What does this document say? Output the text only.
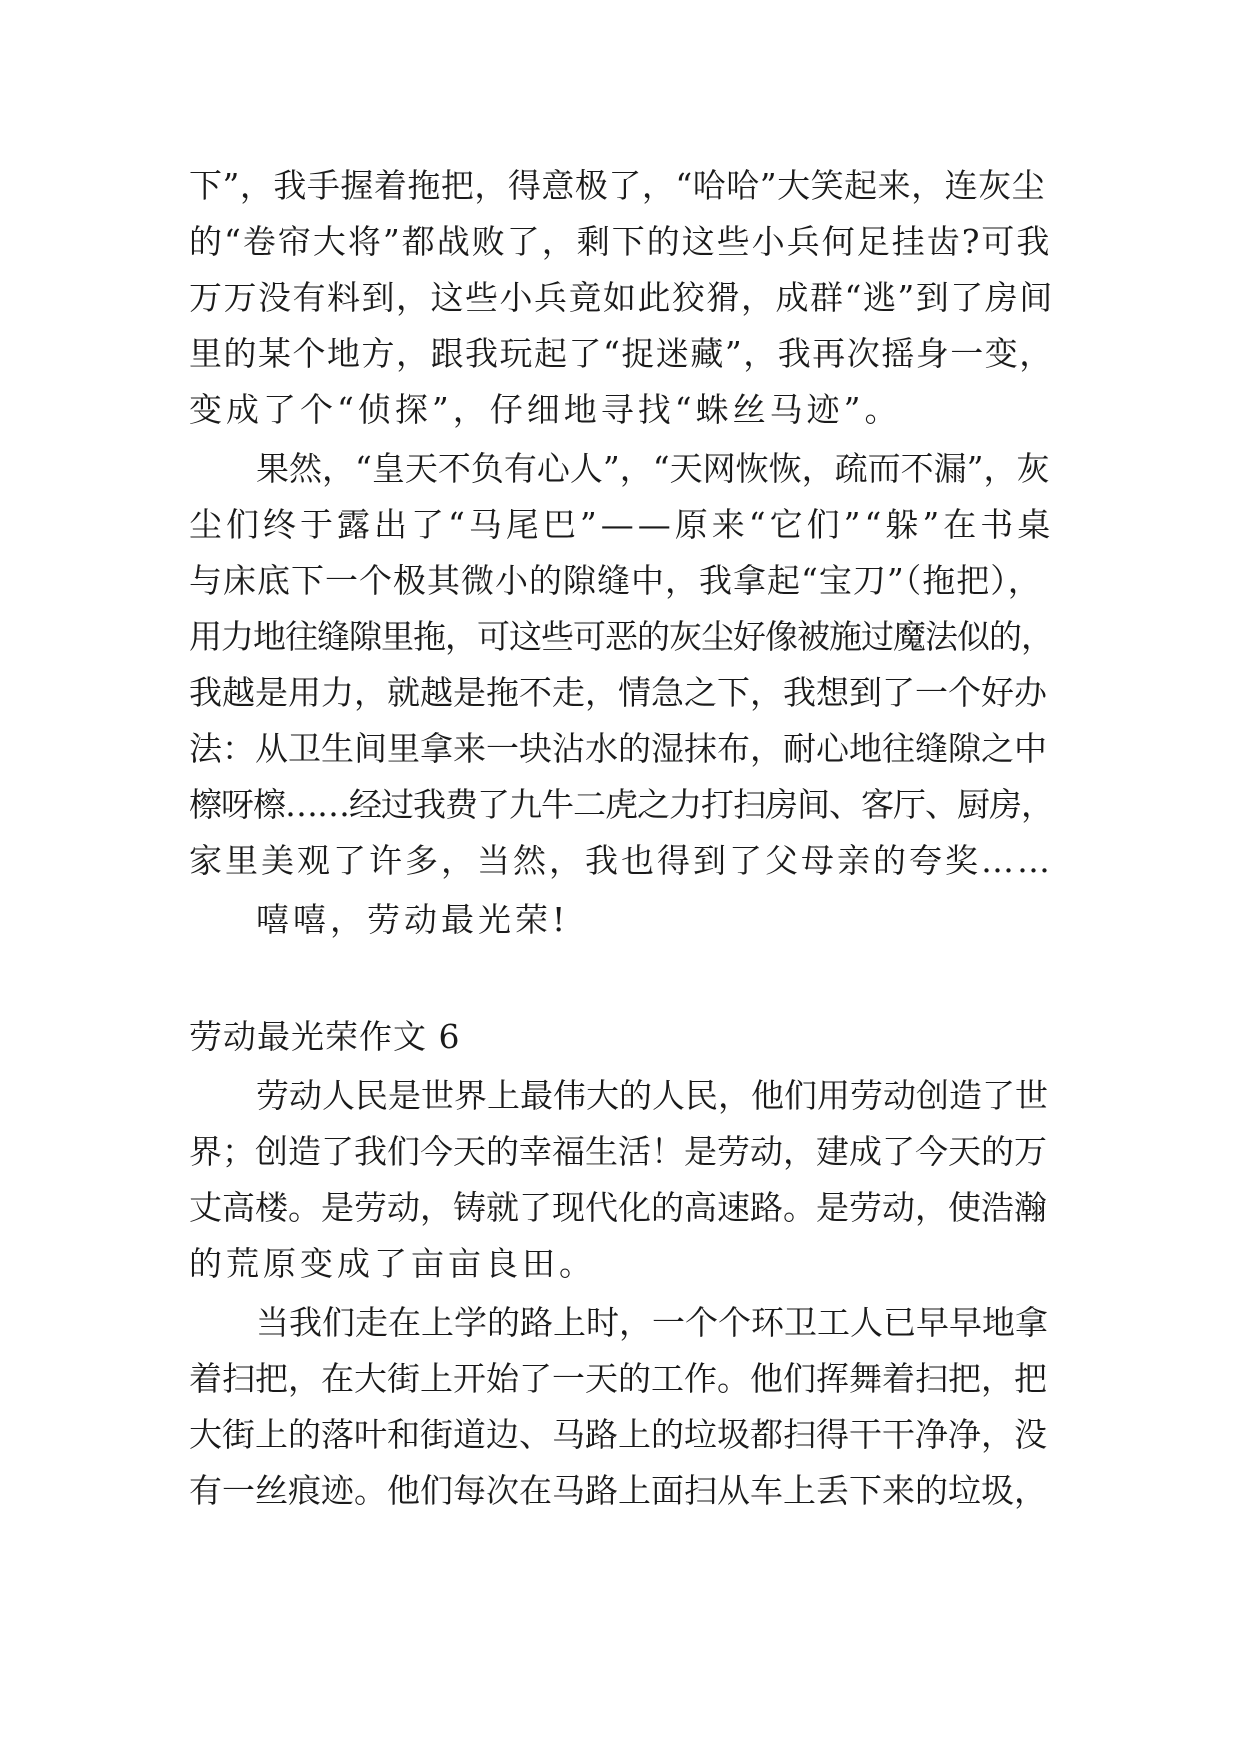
下”，我手握着拖把，得意极了，“哈哈”大笑起来，连灰尘
的“卷帘大将”都战败了，剩下的这些小兵何足挂齿?可我
万万没有料到，这些小兵竟如此狡猾，成群“逃”到了房间
里的某个地方，跟我玩起了“捉迷藏”，我再次摇身一变，
变成了个“侦探”，仔细地寻找“蛛丝马迹”。
果然，“皇天不负有心人”，“天网恢恢，疏而不漏”，灰
尘们终于露出了“马尾巴”——原来“它们”“躲”在书桌
与床底下一个极其微小的隙缝中，我拿起“宝刀”（拖把），
用力地往缝隙里拖，可这些可恶的灰尘好像被施过魔法似的，
我越是用力，就越是拖不走，情急之下，我想到了一个好办
法：从卫生间里拿来一块沾水的湿抹布，耐心地往缝隙之中
檫呀檫……经过我费了九牛二虎之力打扫房间、客厅、厨房，
家里美观了许多，当然，我也得到了父母亲的夸奖……
嘻嘻，劳动最光荣!
劳动最光荣作文 6
劳动人民是世界上最伟大的人民，他们用劳动创造了世
界；创造了我们今天的幸福生活！是劳动，建成了今天的万
丈高楼。是劳动，铸就了现代化的高速路。是劳动，使浩瀚
的荒原变成了亩亩良田。
当我们走在上学的路上时，一个个环卫工人已早早地拿
着扫把，在大街上开始了一天的工作。他们挥舞着扫把，把
大街上的落叶和街道边、马路上的垃圾都扫得干干净净，没
有一丝痕迹。他们每次在马路上面扫从车上丢下来的垃圾，
